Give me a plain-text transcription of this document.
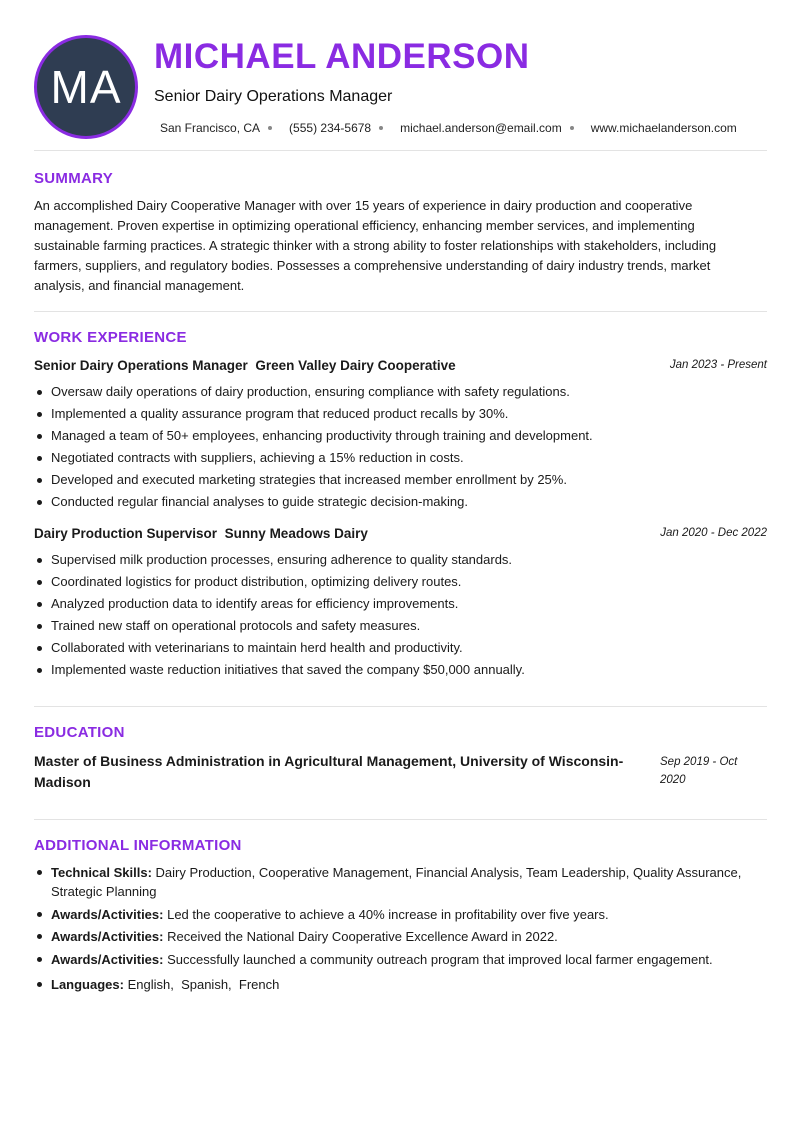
MA
MICHAEL ANDERSON
Senior Dairy Operations Manager
San Francisco, CA (555) 234-5678 michael.anderson@email.com www.michaelanderson.com
SUMMARY
An accomplished Dairy Cooperative Manager with over 15 years of experience in dairy production and cooperative management. Proven expertise in optimizing operational efficiency, enhancing member services, and implementing sustainable farming practices. A strategic thinker with a strong ability to foster relationships with stakeholders, including farmers, suppliers, and regulatory bodies. Possesses a comprehensive understanding of dairy industry trends, market analysis, and financial management.
WORK EXPERIENCE
Senior Dairy Operations Manager Green Valley Dairy Cooperative	Jan 2023 - Present
Oversaw daily operations of dairy production, ensuring compliance with safety regulations.
Implemented a quality assurance program that reduced product recalls by 30%.
Managed a team of 50+ employees, enhancing productivity through training and development.
Negotiated contracts with suppliers, achieving a 15% reduction in costs.
Developed and executed marketing strategies that increased member enrollment by 25%.
Conducted regular financial analyses to guide strategic decision-making.
Dairy Production Supervisor Sunny Meadows Dairy	Jan 2020 - Dec 2022
Supervised milk production processes, ensuring adherence to quality standards.
Coordinated logistics for product distribution, optimizing delivery routes.
Analyzed production data to identify areas for efficiency improvements.
Trained new staff on operational protocols and safety measures.
Collaborated with veterinarians to maintain herd health and productivity.
Implemented waste reduction initiatives that saved the company $50,000 annually.
EDUCATION
Master of Business Administration in Agricultural Management, University of Wisconsin-Madison
Sep 2019 - Oct 2020
ADDITIONAL INFORMATION
Technical Skills: Dairy Production, Cooperative Management, Financial Analysis, Team Leadership, Quality Assurance, Strategic Planning
Awards/Activities: Led the cooperative to achieve a 40% increase in profitability over five years.
Awards/Activities: Received the National Dairy Cooperative Excellence Award in 2022.
Awards/Activities: Successfully launched a community outreach program that improved local farmer engagement.
Languages: English,  Spanish,  French
